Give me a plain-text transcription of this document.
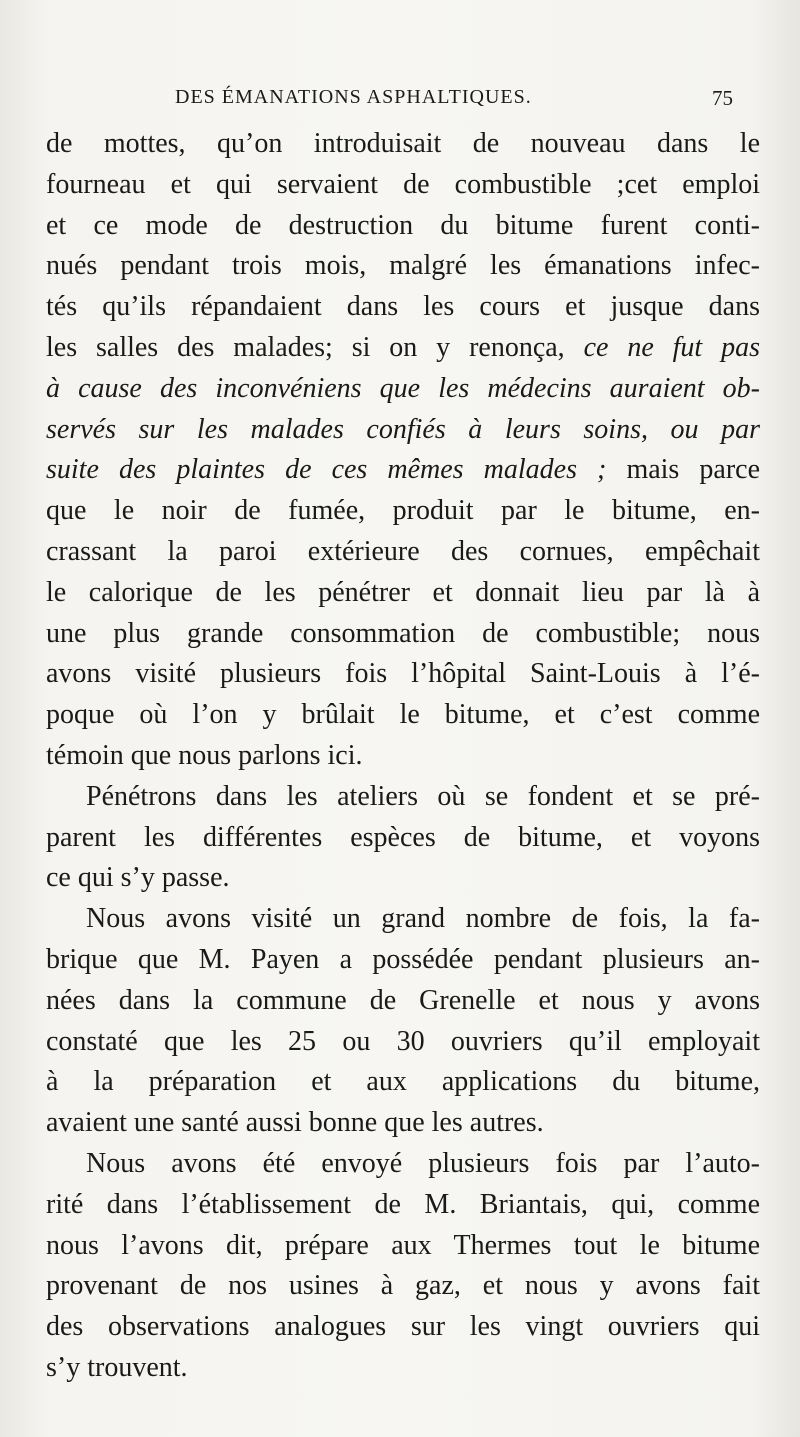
DES ÉMANATIONS ASPHALTIQUES.	75
de mottes, qu’on introduisait de nouveau dans le
fourneau et qui servaient de combustible ;cet emploi
et ce mode de destruction du bitume furent conti-
nués pendant trois mois, malgré les émanations infec-
tés qu’ils répandaient dans les cours et jusque dans
les salles des malades; si on y renonça, ce ne fut pas
à cause des inconvéniens que les médecins auraient ob-
servés sur les malades confiés à leurs soins, ou par
suite des plaintes de ces mêmes malades ; mais parce
que le noir de fumée, produit par le bitume, en-
crassant la paroi extérieure des cornues, empêchait
le calorique de les pénétrer et donnait lieu par là à
une plus grande consommation de combustible; nous
avons visité plusieurs fois l’hôpital Saint-Louis à l’é-
poque où l’on y brûlait le bitume, et c’est comme
témoin que nous parlons ici.
Pénétrons dans les ateliers où se fondent et se pré-
parent les différentes espèces de bitume, et voyons
ce qui s’y passe.
Nous avons visité un grand nombre de fois, la fa-
brique que M. Payen a possédée pendant plusieurs an-
nées dans la commune de Grenelle et nous y avons
constaté que les 25 ou 30 ouvriers qu’il employait
à la préparation et aux applications du bitume,
avaient une santé aussi bonne que les autres.
Nous avons été envoyé plusieurs fois par l’auto-
rité dans l’établissement de M. Briantais, qui, comme
nous l’avons dit, prépare aux Thermes tout le bitume
provenant de nos usines à gaz, et nous y avons fait
des observations analogues sur les vingt ouvriers qui
s’y trouvent.
